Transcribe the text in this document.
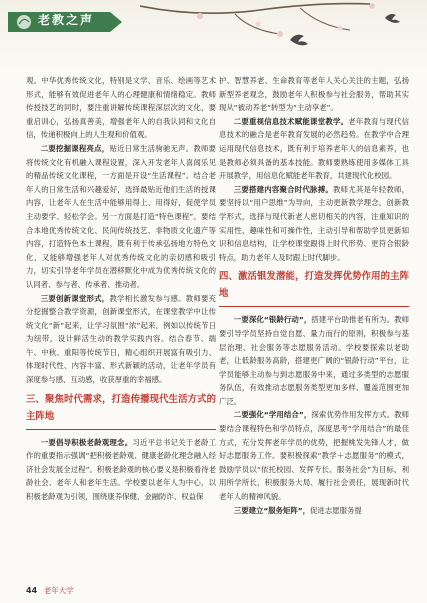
老教之声

观。中华优秀传统文化，特别是文学、音乐、绘画等艺术形式，能够有效促进老年人的心理健康和情绪稳定。教师传授技艺的同时，要注重讲解传统课程深层次的文化，要重启训心，弘扬真善美，增强老年人的自我认同和文化自信，传递积极向上的人生观和价值观。

二要挖掘课程亮点，贴近日常生活驹驰无声。教师要将传统文化有机融入课程设置，深入开发老年人喜闻乐见的精品传统文化课程，一方面是开设“生活课程”。结合老年人的日常生活和兴趣爱好，选择最贴近他们生活的授课内容，让老年人在生活中能够用得上、用得好，促使学员主动要学、轻松学会。另一方面是打造“特色课程”。要结合本地优秀传统文化、民间传统技艺、非物质文化遗产等内容，打造特色本土课程，既有利于传承弘扬地方特色文化，又能够增强老年人对优秀传统文化的亲切感和吸引力，切实引导老年学员在潜移默化中成为优秀传统文化的认同者、参与者、传承者、推动者。

三要创新课堂形式，教学相长激发参与感。教师要充分挖掘整合教学资源，创新课堂形式，在课堂教学中让传统文化“新”起来，让学习氛围“浓”起来，例如以传统节日为纽带，设计鲜活生动的教学实践内容。结合春节、端午、中秋、重阳等传统节日，精心组织开展富有吸引力、体现时代性、内容丰富、形式新颖的活动，让老年学员有深度参与感、互动感，收获厚重的幸福感。

三、聚焦时代需求，打造传播现代生活方式的主阵地

一要倡导积极老龄观理念。习近平总书记关于老龄工作的重要指示强调“把积极老龄观、健康老龄化理念融入经济社会发展全过程”。积极老龄观的核心要义是积极看待老龄社会、老年人和老年生活。学校要以老年人为中心，以积极老龄观为引领，围绕康养保健、金融防诈、权益保

护、智慧养老、生命教育等老年人关心关注的主题，弘扬新型养老观念，鼓励老年人积极参与社会服务，帮助其实现从“被动养老”转型为“主动享老”。

二要重视信息技术赋能课堂教学。老年教育与现代信息技术的融合是老年教育发展的必然趋势。在教学中合理运用现代信息技术，既有利于培养老年人的信息素养，也是教师必须具备的基本技能。教师要熟练使用多媒体工具开展教学，用信息化赋能老年教育，共建现代化校园。

三要搭建内容聚合时代脉搏。教师尤其是年轻教师，要坚持以“用户思维”为导向，主动更新教学理念，创新教学形式，选择与现代新老人密切相关的内容，注重知识的实用性、趣味性和可操作性，主动引导和帮助学员更新知识和信息结构，让学校课堂跟得上时代形势、更符合银龄特点，助力老年人及时跟上时代脚步。

四、激活银发潜能，打造发挥优势作用的主阵地

一要深化“银龄行动”，搭建平台助推老有所为。教师要引导学员坚持自觉自愿、量力而行的原则，积极参与基层治理、社会服务等志愿服务活动。学校要探索以老助老，让低龄服务高龄，搭建更广阔的“银龄行动”平台，让学员能够主动参与到志愿服务中来，通过多类型的志愿服务队伍，有效推动志愿服务类型更加多样、覆盖范围更加广泛。

二要强化“学用结合”，探索优势作用发挥方式。教师要结合课程特色和学员特点，深度思考“学用结合”的最佳方式，充分发挥老年学员的优势，把握桃发先锋人才，做好志愿服务工作。要积极探索“教学＋志愿服务”的模式，鼓励学员以“依托校园、发挥专长、服务社会”为目标，利用所学所长，积极服务大局、履行社会责任，展现新时代老年人的精神风貌。

三要建立“服务矩阵”，促进志愿服务提

44 老年大学
